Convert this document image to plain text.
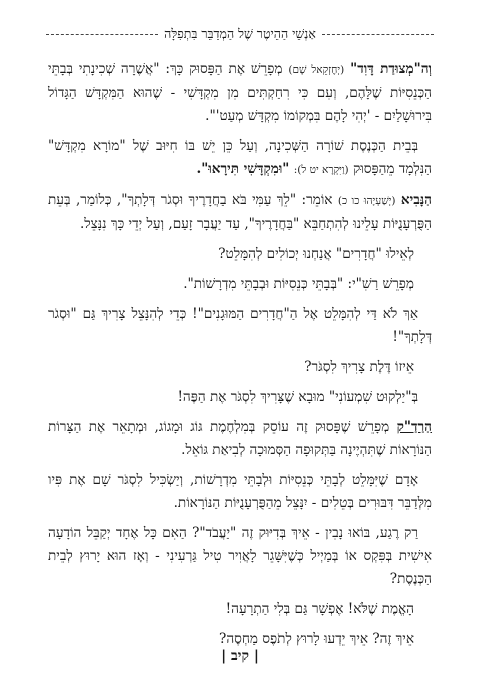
אַנְשֵׁי הַהֵיטֶר שֶׁל הַמְדַבֵּר בִּתְפִלָּה

וְה"מְצוּדַת דָּוִד" (יְחֶזְקֵאל שָׁם) מְפָרֵשׁ אֶת הַפָּסוּק כָּךְ: "אֲשֶׁרָה שְׁכִינָתִי בְּבָתֵּי הַכְּנֵסִיּוֹת שֶׁלָּהֶם, וְעִם כִּי רִחַקְתִּים מִן מִקְדָּשִׁי - שֶׁהוּא הַמִּקְדָּשׁ הַגָּדוֹל בִּירוּשָׁלַיִם - 'יְהִי לָהֶם בִּמְקוֹמוֹ מִקְדָּשׁ מְעַט'".

בְּבֵית הַכְּנֶסֶת שׁוֹרָה הַשְּׁכִינָה, וְעַל כֵּן יֵשׁ בּוֹ חִיּוּב שֶׁל "מוֹרָא מִקְדָּשׁ" הַנִּלְמָד מֵהַפָּסוּק (וַיִּקְרָא יט ל): "וּמִקְדָּשִׁי תִּירָאוּ".

הַנָּבִיא (יְשַׁעְיָהוּ כו כ) אוֹמֵר: "לֵךְ עַמִּי בֹּא בַחֲדָרֶיךָ וּסְגֹר דְּלָתְךָ", כְּלוֹמַר, בְּעֵת הַפֻּרְעָנֻיּוֹת עָלֵינוּ לְהִתְחַבֵּא "בַּחֲדָרֶיךָ", עַד יַעֲבָר זָעַם, וְעַל יְדֵי כָּךְ נִנָּצֵל.

לְאֵילוּ "חֲדָרִים" אֲנַחְנוּ יְכוֹלִים לְהִמָּלֵט?

מְפָרֵשׁ רַשִׁ"י: "בְּבָתֵּי כְּנֵסִיּוֹת וּבְבָתֵּי מִדְרָשׁוֹת".

אַךְ לֹא דַּי לְהִמָּלֵט אֶל הַ"חֲדָרִים הַמּוּגָנִים"! כְּדֵי לְהִנָּצֵל צָרִיךְ גַּם "וּסְגֹר דְּלָתְךָ"!

אֵיזוֹ דֶּלֶת צָרִיךְ לִסְגֹּר?

בְּ"יַלְקוּט שִׁמְעוֹנִי" מוּבָא שֶׁצָּרִיךְ לִסְגֹּר אֶת הַפֶּה!

הַרַדַ"ק מְפָרֵשׁ שֶׁפָּסוּק זֶה עוֹסֵק בְּמִלְחֶמֶת גּוֹג וּמָגוֹג, וּמְתָאֵר אֶת הַצָּרוֹת הַנּוֹרָאוֹת שֶׁתִּהְיֶינָה בַּתְּקוּפָה הַסְּמוּכָה לְבִיאַת גּוֹאֵל.

אָדָם שֶׁיִּמָּלֵט לְבָתֵּי כְּנֵסִיּוֹת וּלְבָתֵּי מִדְרָשׁוֹת, וְיַשְׂכִּיל לִסְגֹּר שָׁם אֶת פִּיו מִלְּדַבֵּר דִּבּוּרִים בְּטֵלִים - יִנָּצֵל מֵהַפֻּרְעָנֻיּוֹת הַנּוֹרָאוֹת.

רַק רֶגַע, בּוֹאוּ נָבִין - אֵיךְ בְּדִיּוּק זֶה "יַעֲבֹד"? הַאִם כָּל אֶחָד יְקַבֵּל הוֹדָעָה אִישִׁית בְּפִּקְס אוֹ בְּמַיְיל כְּשֶׁיִּשָּׁגֵר לָאֲוִיר טִיל גַּרְעִינִי - וְאָז הוּא יָרוּץ לְבֵית הַכְּנֶסֶת?

הָאֱמֶת שֶׁלֹּא! אֶפְשָׁר גַּם בְּלִי הַתְרָעָה!

אֵיךְ זֶה? אֵיךְ יֵדְעוּ לָרוּץ לְתֹפֶס מַחְסֶה?

| קיב |
